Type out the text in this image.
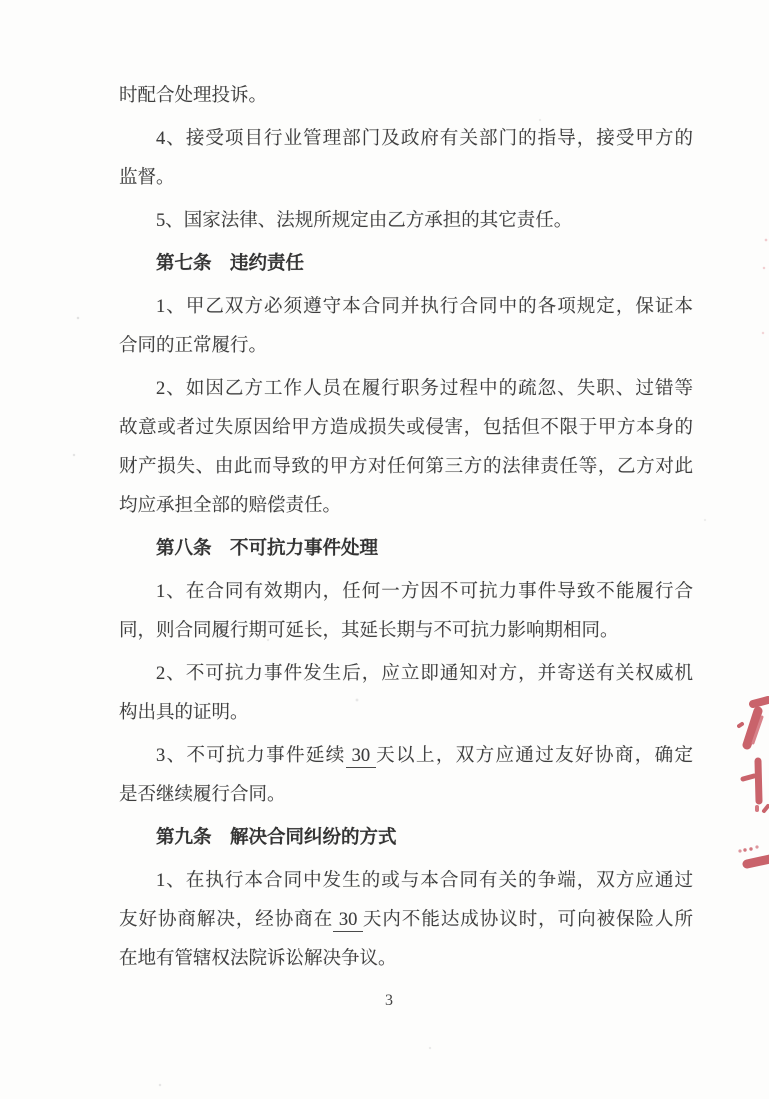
时配合处理投诉。
4、接受项目行业管理部门及政府有关部门的指导，接受甲方的
监督。
5、国家法律、法规所规定由乙方承担的其它责任。
第七条　违约责任
1、甲乙双方必须遵守本合同并执行合同中的各项规定，保证本
合同的正常履行。
2、如因乙方工作人员在履行职务过程中的疏忽、失职、过错等
故意或者过失原因给甲方造成损失或侵害，包括但不限于甲方本身的
财产损失、由此而导致的甲方对任何第三方的法律责任等，乙方对此
均应承担全部的赔偿责任。
第八条　不可抗力事件处理
1、在合同有效期内，任何一方因不可抗力事件导致不能履行合
同，则合同履行期可延长，其延长期与不可抗力影响期相同。
2、不可抗力事件发生后，应立即通知对方，并寄送有关权威机
构出具的证明。
3、不可抗力事件延续 30 天以上，双方应通过友好协商，确定
是否继续履行合同。
第九条　解决合同纠纷的方式
1、在执行本合同中发生的或与本合同有关的争端，双方应通过
友好协商解决，经协商在 30 天内不能达成协议时，可向被保险人所
在地有管辖权法院诉讼解决争议。
3
